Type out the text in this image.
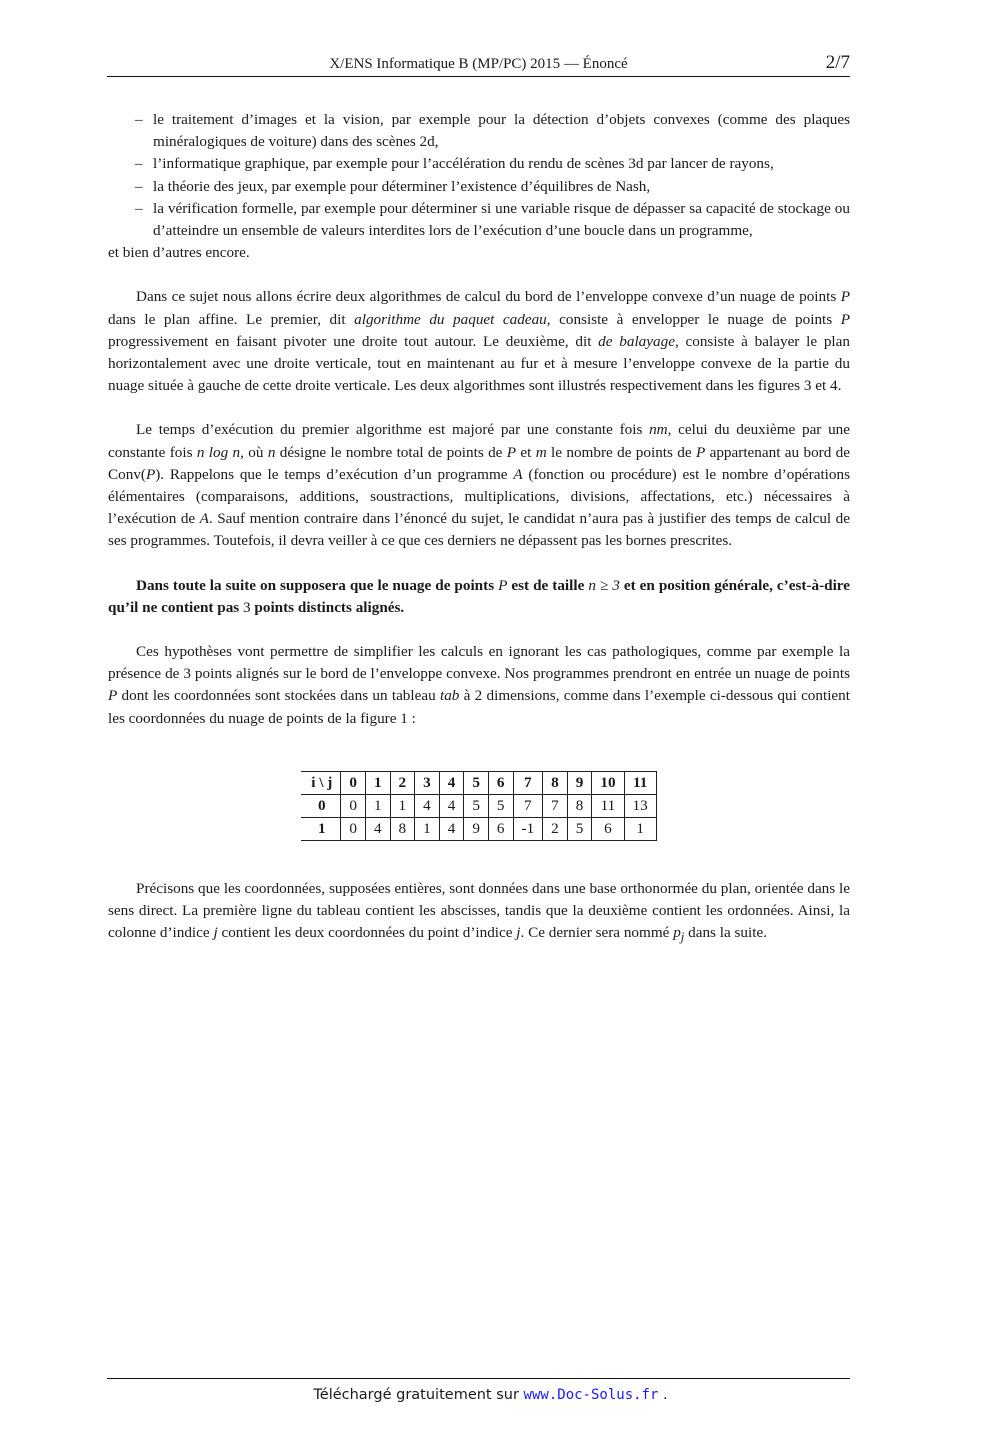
X/ENS Informatique B (MP/PC) 2015 — Énoncé	2/7
– le traitement d’images et la vision, par exemple pour la détection d’objets convexes (comme des plaques minéralogiques de voiture) dans des scènes 2d,
– l’informatique graphique, par exemple pour l’accélération du rendu de scènes 3d par lancer de rayons,
– la théorie des jeux, par exemple pour déterminer l’existence d’équilibres de Nash,
– la vérification formelle, par exemple pour déterminer si une variable risque de dépasser sa capacité de stockage ou d’atteindre un ensemble de valeurs interdites lors de l’exécution d’une boucle dans un programme,

et bien d’autres encore.

Dans ce sujet nous allons écrire deux algorithmes de calcul du bord de l’enveloppe convexe d’un nuage de points P dans le plan affine. Le premier, dit algorithme du paquet cadeau, consiste à envelopper le nuage de points P progressivement en faisant pivoter une droite tout autour. Le deuxième, dit de balayage, consiste à balayer le plan horizontalement avec une droite verticale, tout en maintenant au fur et à mesure l’enveloppe convexe de la partie du nuage située à gauche de cette droite verticale. Les deux algorithmes sont illustrés respectivement dans les figures 3 et 4.

Le temps d’exécution du premier algorithme est majoré par une constante fois nm, celui du deuxième par une constante fois n log n, où n désigne le nombre total de points de P et m le nombre de points de P appartenant au bord de Conv(P). Rappelons que le temps d’exécution d’un programme A (fonction ou procédure) est le nombre d’opérations élémentaires (comparaisons, additions, soustractions, multiplications, divisions, affectations, etc.) nécessaires à l’exécution de A. Sauf mention contraire dans l’énoncé du sujet, le candidat n’aura pas à justifier des temps de calcul de ses programmes. Toutefois, il devra veiller à ce que ces derniers ne dépassent pas les bornes prescrites.

Dans toute la suite on supposera que le nuage de points P est de taille n ≥ 3 et en position générale, c’est-à-dire qu’il ne contient pas 3 points distincts alignés.

Ces hypothèses vont permettre de simplifier les calculs en ignorant les cas pathologiques, comme par exemple la présence de 3 points alignés sur le bord de l’enveloppe convexe. Nos programmes prendront en entrée un nuage de points P dont les coordonnées sont stockées dans un tableau tab à 2 dimensions, comme dans l’exemple ci-dessous qui contient les coordonnées du nuage de points de la figure 1 :

i \ j	0	1	2	3	4	5	6	7	8	9	10	11
0	0	1	1	4	4	5	5	7	7	8	11	13
1	0	4	8	1	4	9	6	-1	2	5	6	1

Précisons que les coordonnées, supposées entières, sont données dans une base orthonormée du plan, orientée dans le sens direct. La première ligne du tableau contient les abscisses, tandis que la deuxième contient les ordonnées. Ainsi, la colonne d’indice j contient les deux coordonnées du point d’indice j. Ce dernier sera nommé $p_j$ dans la suite.

Téléchargé gratuitement sur www.Doc-Solus.fr .
